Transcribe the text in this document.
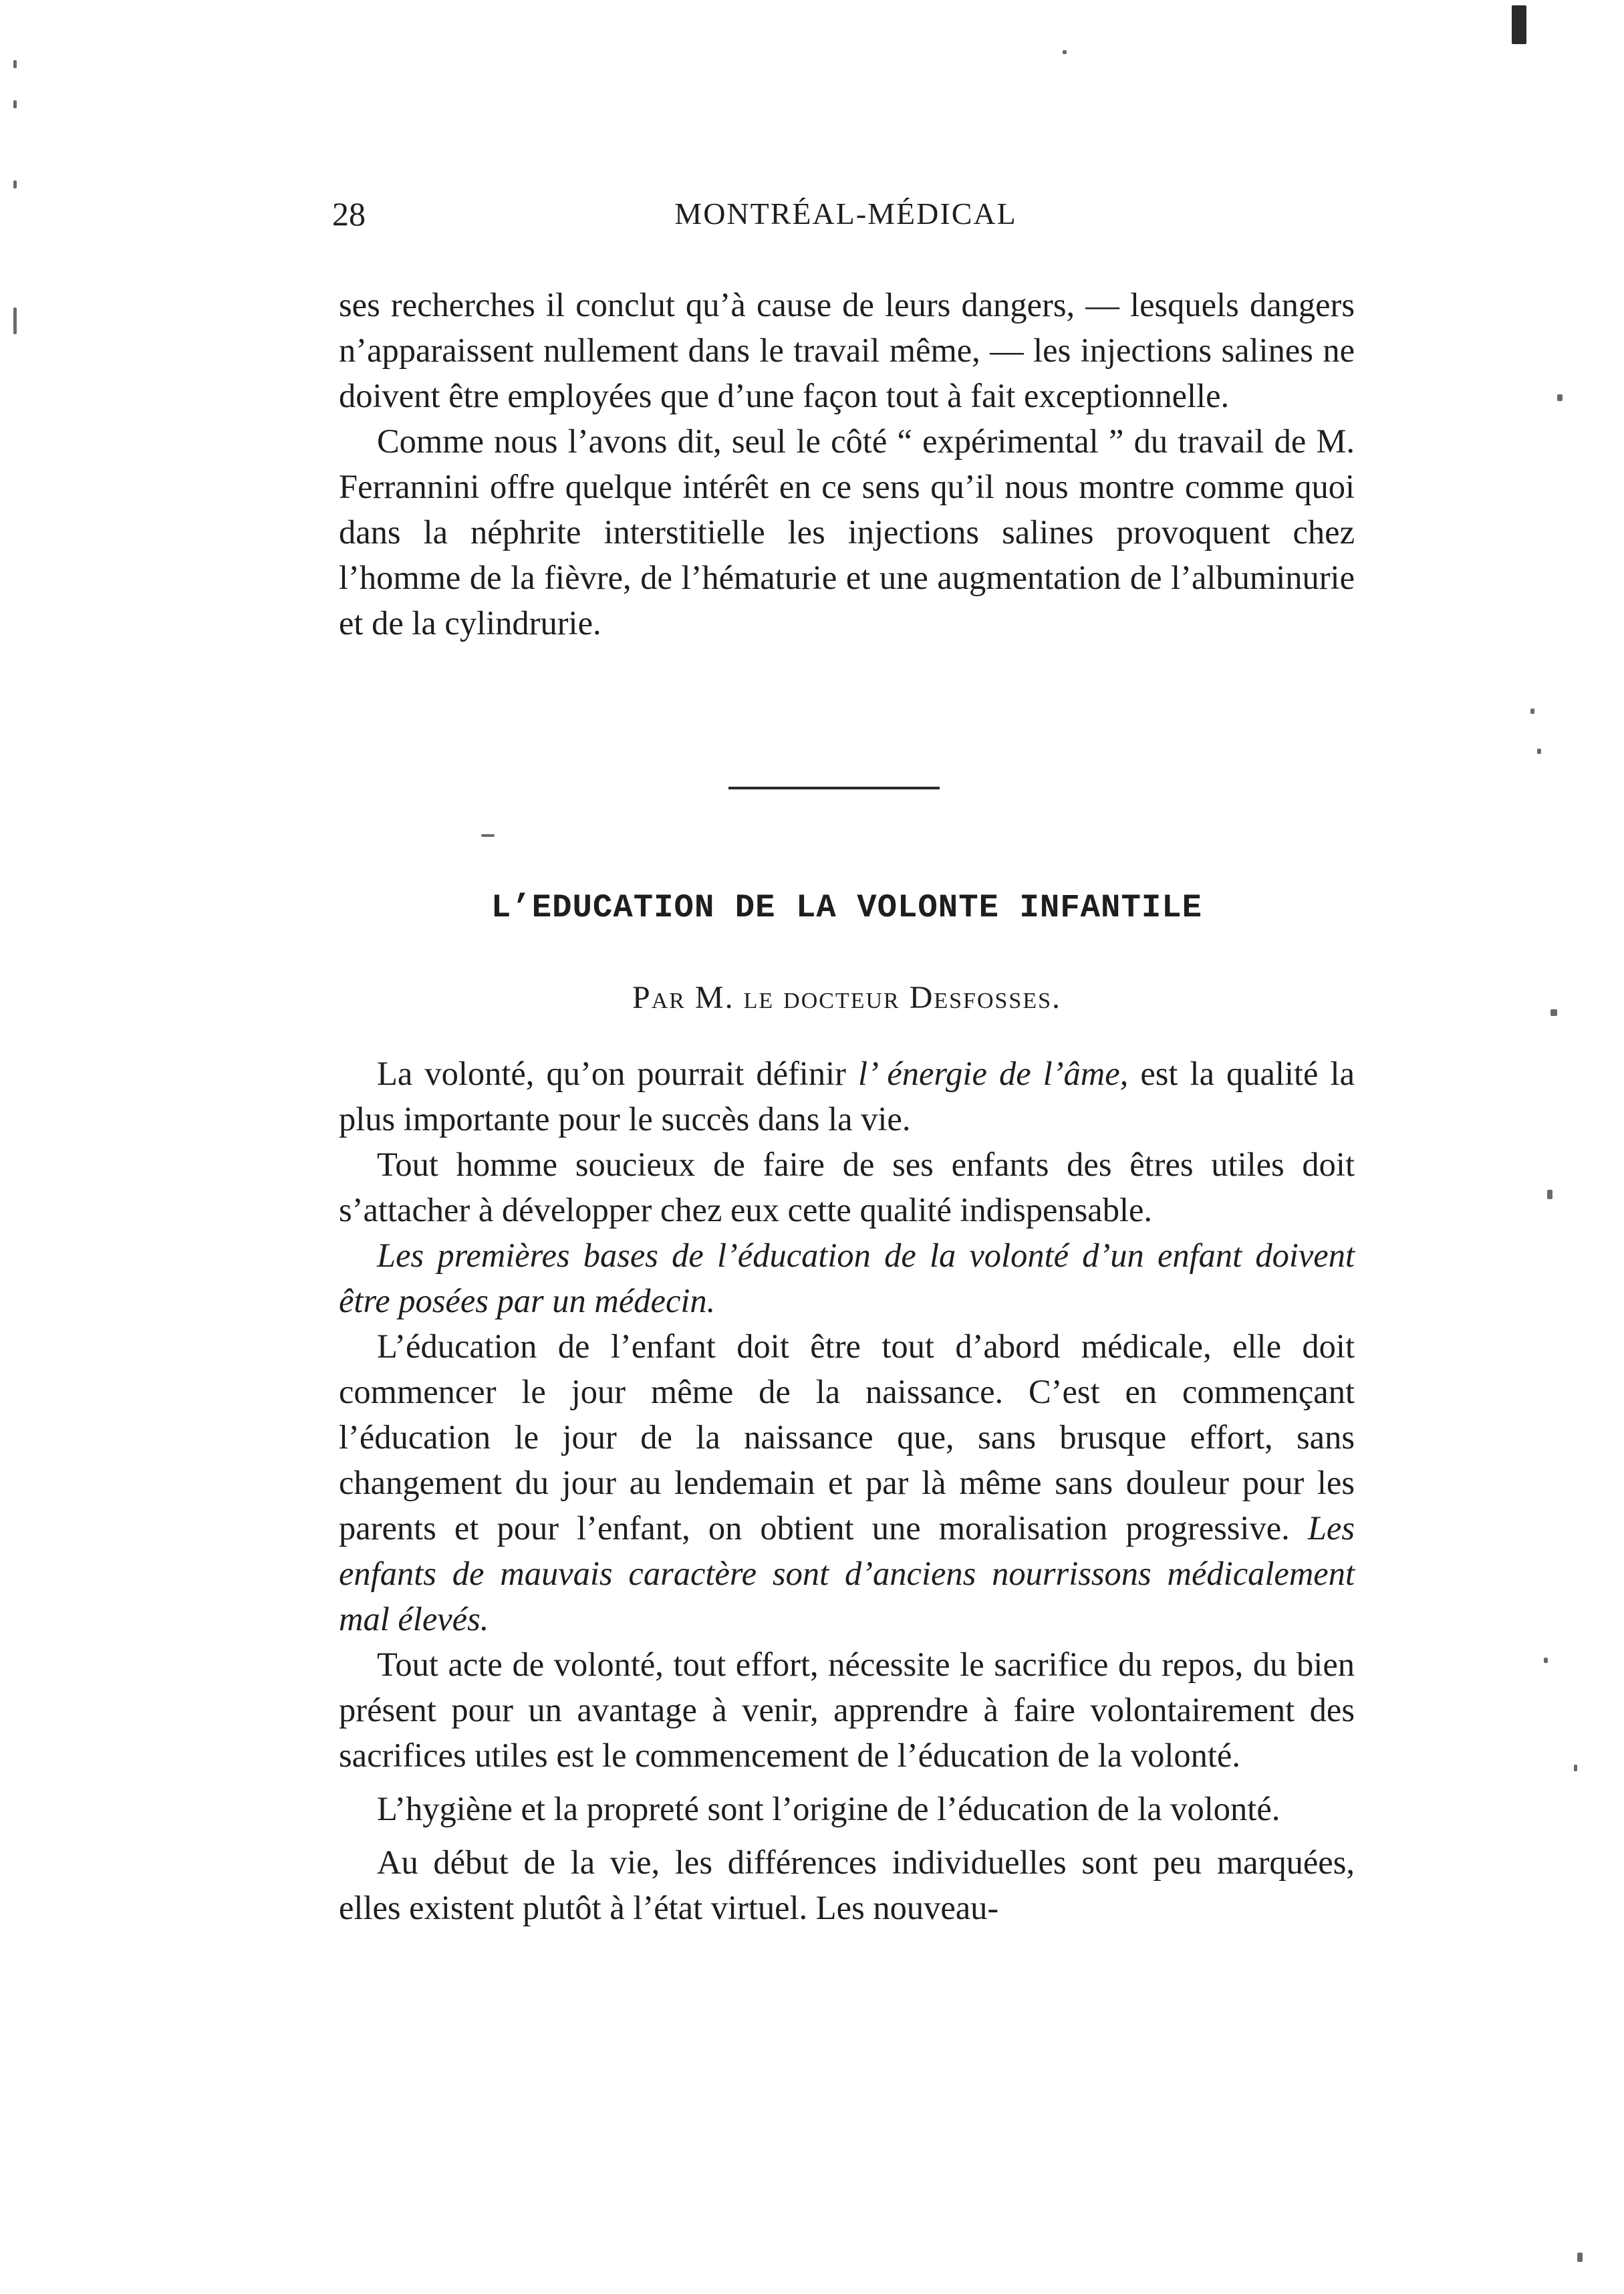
28	MONTRÉAL-MÉDICAL

ses recherches il conclut qu’à cause de leurs dangers, — lesquels dangers n’apparaissent nullement dans le travail même, — les injections salines ne doivent être employées que d’une façon tout à fait exceptionnelle.

Comme nous l’avons dit, seul le côté “ expérimental ” du travail de M. Ferrannini offre quelque intérêt en ce sens qu’il nous montre comme quoi dans la néphrite interstitielle les injections salines provoquent chez l’homme de la fièvre, de l’hématurie et une augmentation de l’albuminurie et de la cylindrurie.

L’EDUCATION DE LA VOLONTE INFANTILE
Par M. le docteur Desfosses.

La volonté, qu’on pourrait définir l’ énergie de l’âme, est la qualité la plus importante pour le succès dans la vie.

Tout homme soucieux de faire de ses enfants des êtres utiles doit s’attacher à développer chez eux cette qualité indispensable.

Les premières bases de l’éducation de la volonté d’un enfant doivent être posées par un médecin.

L’éducation de l’enfant doit être tout d’abord médicale, elle doit commencer le jour même de la naissance. C’est en commençant l’éducation le jour de la naissance que, sans brusque effort, sans changement du jour au lendemain et par là même sans douleur pour les parents et pour l’enfant, on obtient une moralisation progressive. Les enfants de mauvais caractère sont d’anciens nourrissons médicalement mal élevés.

Tout acte de volonté, tout effort, nécessite le sacrifice du repos, du bien présent pour un avantage à venir, apprendre à faire volontairement des sacrifices utiles est le commencement de l’éducation de la volonté.

L’hygiène et la propreté sont l’origine de l’éducation de la volonté.

Au début de la vie, les différences individuelles sont peu marquées, elles existent plutôt à l’état virtuel. Les nouveau-
